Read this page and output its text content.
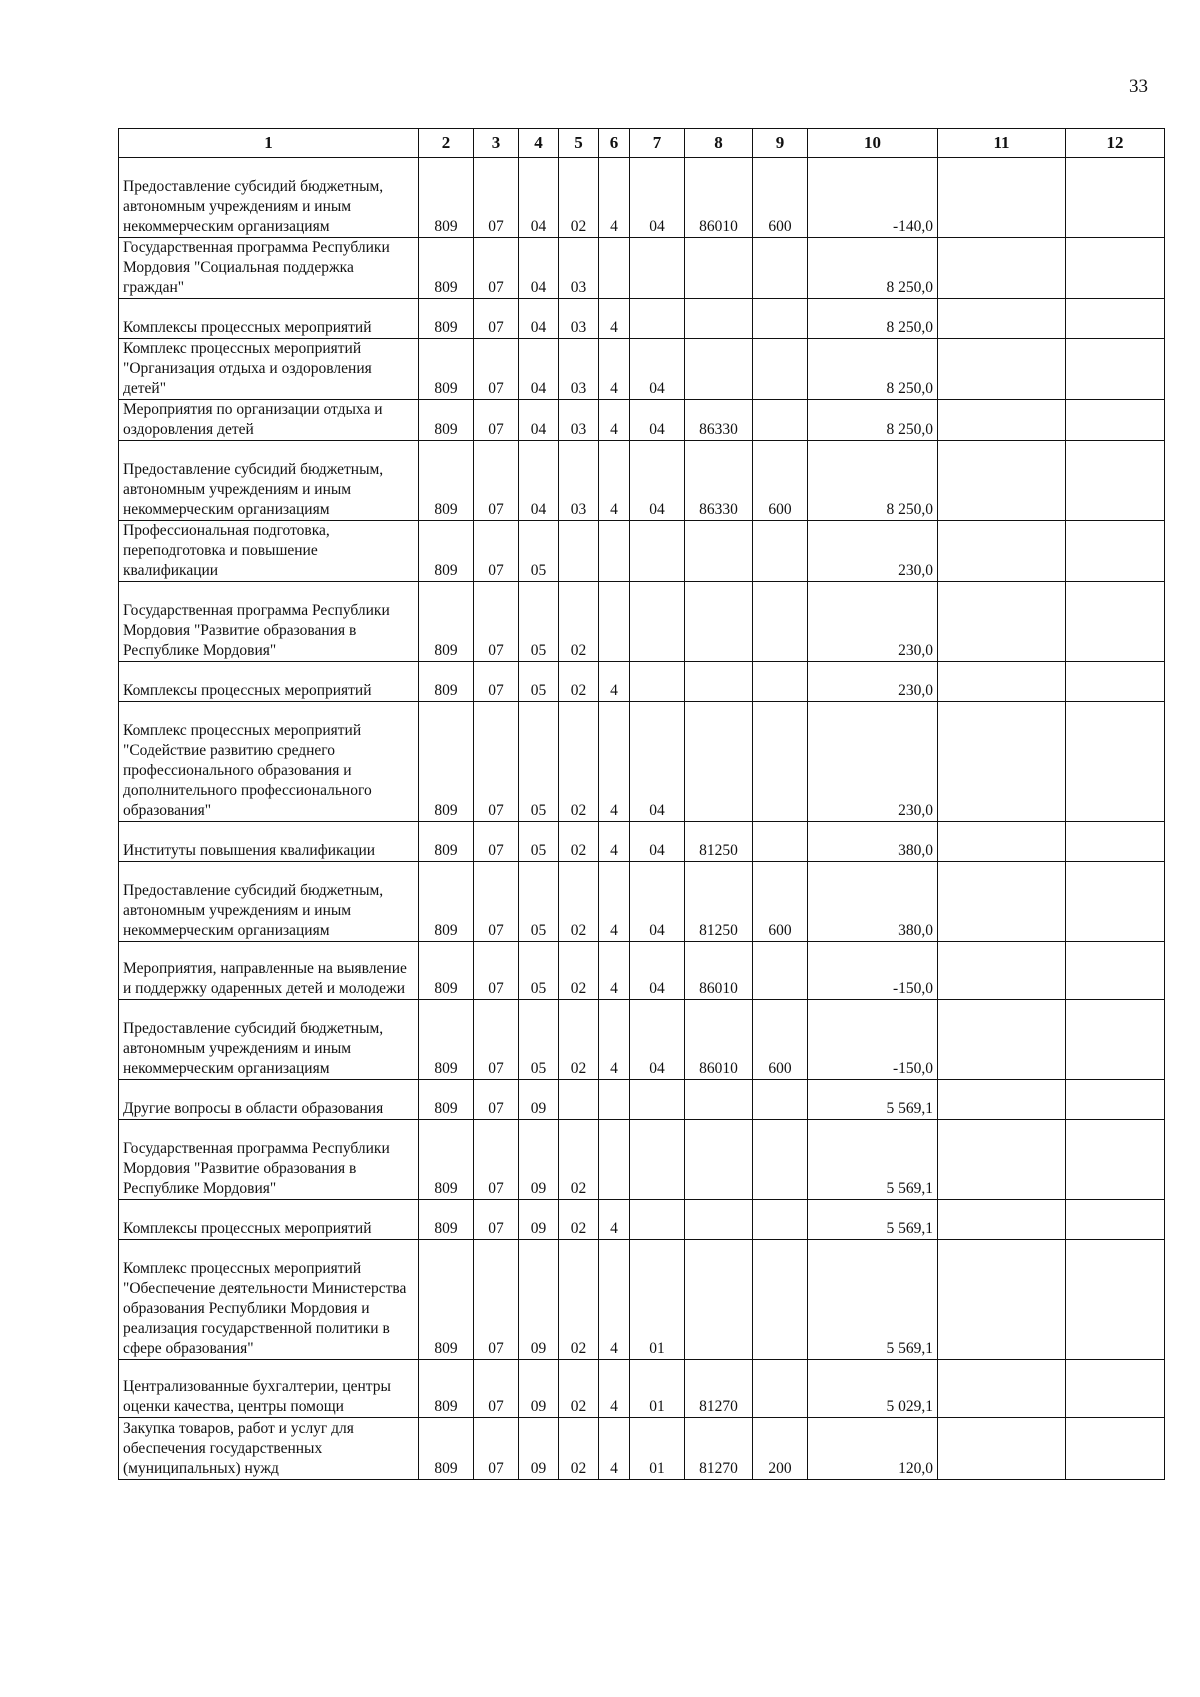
33
1	2	3	4	5	6	7	8	9	10	11	12
Предоставление субсидий бюджетным, автономным учреждениям и иным некоммерческим организациям	809	07	04	02	4	04	86010	600	-140,0		
Государственная программа Республики Мордовия "Социальная поддержка граждан"	809	07	04	03					8 250,0		
Комплексы процессных мероприятий	809	07	04	03	4				8 250,0		
Комплекс процессных мероприятий "Организация отдыха и оздоровления детей"	809	07	04	03	4	04			8 250,0		
Мероприятия по организации отдыха и оздоровления детей	809	07	04	03	4	04	86330		8 250,0		
Предоставление субсидий бюджетным, автономным учреждениям и иным некоммерческим организациям	809	07	04	03	4	04	86330	600	8 250,0		
Профессиональная подготовка, переподготовка и повышение квалификации	809	07	05						230,0		
Государственная программа Республики Мордовия "Развитие образования в Республике Мордовия"	809	07	05	02					230,0		
Комплексы процессных мероприятий	809	07	05	02	4				230,0		
Комплекс процессных мероприятий "Содействие развитию среднего профессионального образования и дополнительного профессионального образования"	809	07	05	02	4	04			230,0		
Институты повышения квалификации	809	07	05	02	4	04	81250		380,0		
Предоставление субсидий бюджетным, автономным учреждениям и иным некоммерческим организациям	809	07	05	02	4	04	81250	600	380,0		
Мероприятия, направленные на выявление и поддержку одаренных детей и молодежи	809	07	05	02	4	04	86010		-150,0		
Предоставление субсидий бюджетным, автономным учреждениям и иным некоммерческим организациям	809	07	05	02	4	04	86010	600	-150,0		
Другие вопросы в области образования	809	07	09						5 569,1		
Государственная программа Республики Мордовия "Развитие образования в Республике Мордовия"	809	07	09	02					5 569,1		
Комплексы процессных мероприятий	809	07	09	02	4				5 569,1		
Комплекс процессных мероприятий "Обеспечение деятельности Министерства образования Республики Мордовия и реализация государственной политики в сфере образования"	809	07	09	02	4	01			5 569,1		
Централизованные бухгалтерии, центры оценки качества, центры помощи	809	07	09	02	4	01	81270		5 029,1		
Закупка товаров, работ и услуг для обеспечения государственных (муниципальных) нужд	809	07	09	02	4	01	81270	200	120,0		
